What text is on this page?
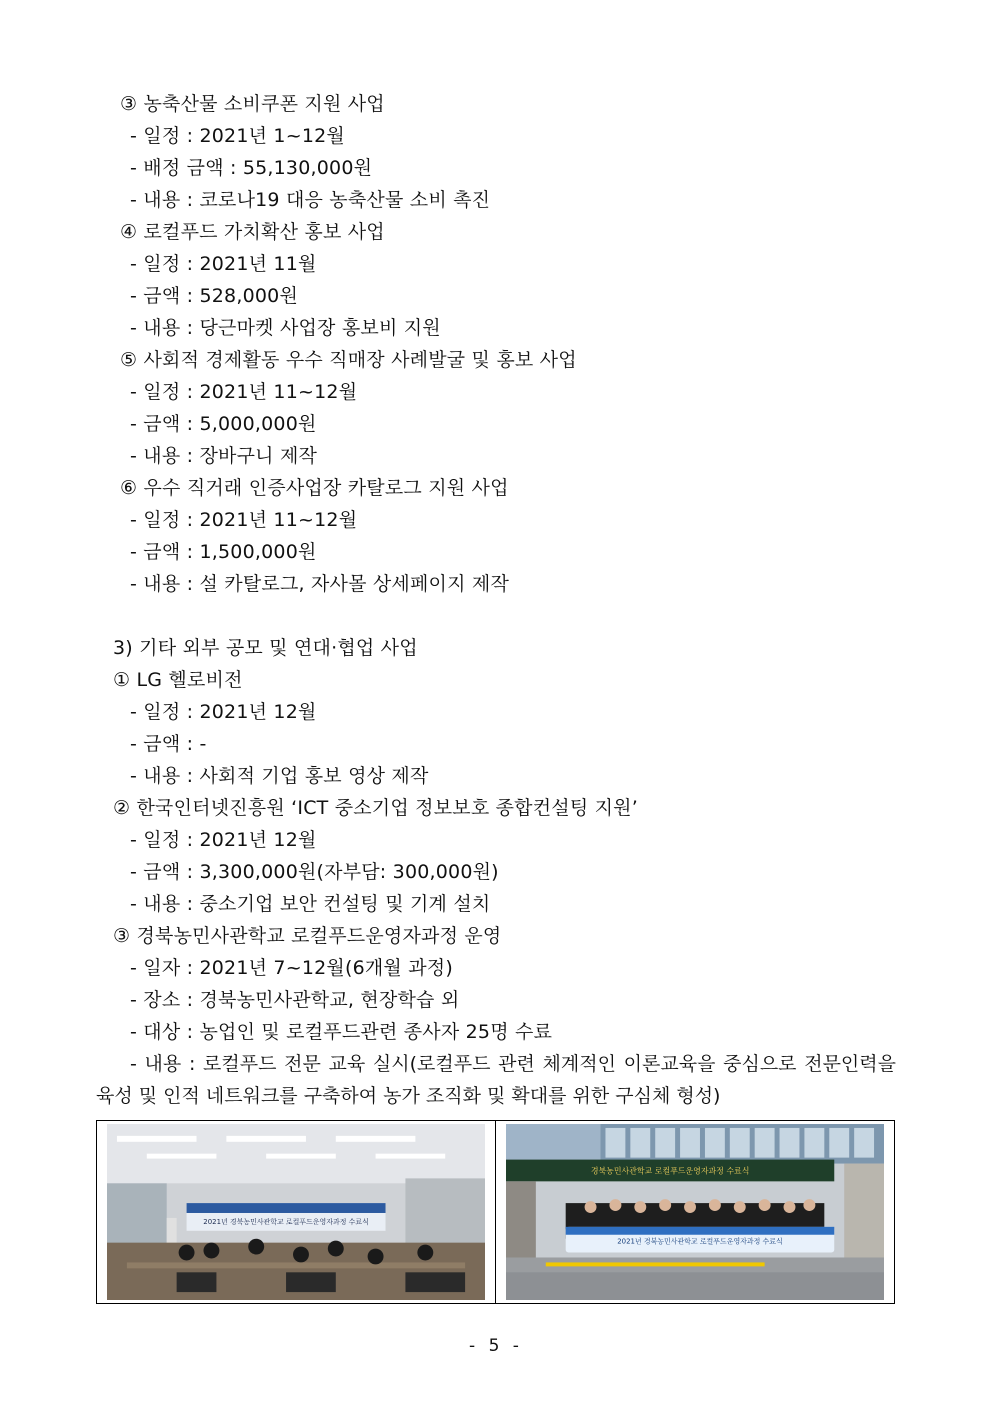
③ 농축산물 소비쿠폰 지원 사업
- 일정 : 2021년 1~12월
- 배정 금액 : 55,130,000원
- 내용 : 코로나19 대응 농축산물 소비 촉진
④ 로컬푸드 가치확산 홍보 사업
- 일정 : 2021년 11월
- 금액 : 528,000원
- 내용 : 당근마켓 사업장 홍보비 지원
⑤ 사회적 경제활동 우수 직매장 사례발굴 및 홍보 사업
- 일정 : 2021년 11~12월
- 금액 : 5,000,000원
- 내용 : 장바구니 제작
⑥ 우수 직거래 인증사업장 카탈로그 지원 사업
- 일정 : 2021년 11~12월
- 금액 : 1,500,000원
- 내용 : 설 카탈로그, 자사몰 상세페이지 제작
3) 기타 외부 공모 및 연대·협업 사업
① LG 헬로비전
- 일정 : 2021년 12월
- 금액 : -
- 내용 : 사회적 기업 홍보 영상 제작
② 한국인터넷진흥원 ‘ICT 중소기업 정보보호 종합컨설팅 지원’
- 일정 : 2021년 12월
- 금액 : 3,300,000원(자부담: 300,000원)
- 내용 : 중소기업 보안 컨설팅 및 기계 설치
③ 경북농민사관학교 로컬푸드운영자과정 운영
- 일자 : 2021년 7~12월(6개월 과정)
- 장소 : 경북농민사관학교, 현장학습 외
- 대상 : 농업인 및 로컬푸드관련 종사자 25명 수료
- 내용 : 로컬푸드 전문 교육 실시(로컬푸드 관련 체계적인 이론교육을 중심으로 전문인력을 육성 및 인적 네트워크를 구축하여 농가 조직화 및 확대를 위한 구심체 형성)
2021년 경북농민사관학교 로컬푸드운영자과정 수료식
경북농민사관학교 로컬푸드운영자과정 수료식
2021년 경북농민사관학교 로컬푸드운영자과정 수료식
- 5 -
